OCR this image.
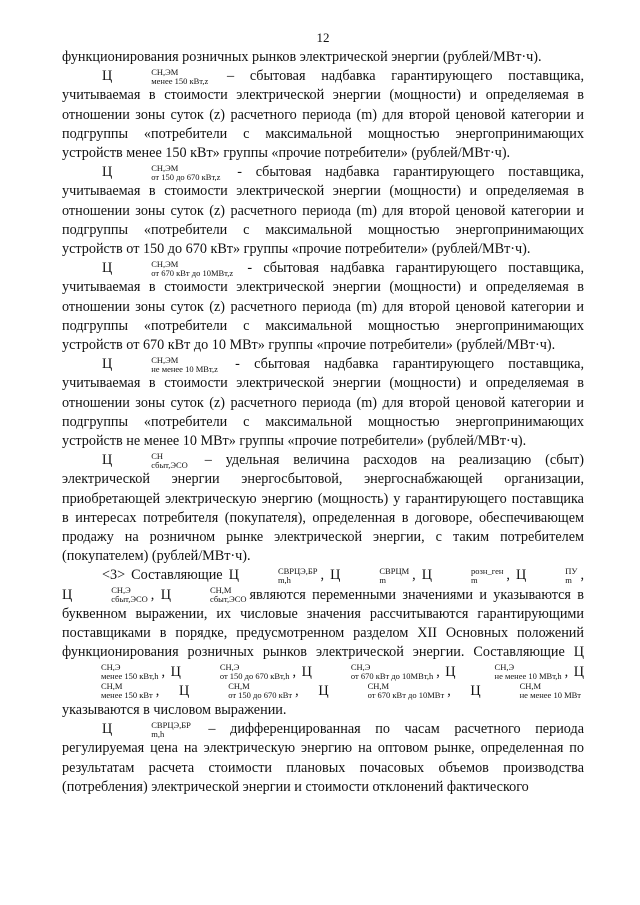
12

функционирования розничных рынков электрической энергии (рублей/МВт·ч).

Ц	СН,ЭМ
менее 150 кВт,z – сбытовая надбавка гарантирующего поставщика, учитываемая в стоимости электрической энергии (мощности) и определяемая в отношении зоны суток (z) расчетного периода (m) для второй ценовой категории и подгруппы «потребители с максимальной мощностью энергопринимающих устройств менее 150 кВт» группы «прочие потребители» (рублей/МВт·ч).

Ц	СН,ЭМ
от 150 до 670 кВт,z - сбытовая надбавка гарантирующего поставщика, учитываемая в стоимости электрической энергии (мощности) и определяемая в отношении зоны суток (z) расчетного периода (m) для второй ценовой категории и подгруппы «потребители с максимальной мощностью энергопринимающих устройств от 150 до 670 кВт» группы «прочие потребители» (рублей/МВт·ч).

Ц	СН,ЭМ
от 670 кВт до 10МВт,z - сбытовая надбавка гарантирующего поставщика, учитываемая в стоимости электрической энергии (мощности) и определяемая в отношении зоны суток (z) расчетного периода (m) для второй ценовой категории и подгруппы «потребители с максимальной мощностью энергопринимающих устройств от 670 кВт до 10 МВт» группы «прочие потребители» (рублей/МВт·ч).

Ц	СН,ЭМ
не менее 10 МВт,z - сбытовая надбавка гарантирующего поставщика, учитываемая в стоимости электрической энергии (мощности) и определяемая в отношении зоны суток (z) расчетного периода (m) для второй ценовой категории и подгруппы «потребители с максимальной мощностью энергопринимающих устройств не менее 10 МВт» группы «прочие потребители» (рублей/МВт·ч).

Ц	СН
сбыт,ЭСО – удельная величина расходов на реализацию (сбыт) электрической энергии энергосбытовой, энергоснабжающей организации, приобретающей электрическую энергию (мощность) у гарантирующего поставщика в интересах потребителя (покупателя), определенная в договоре, обеспечивающем продажу на розничном рынке электрической энергии, с таким потребителем (покупателем) (рублей/МВт·ч).

<3> Составляющие Ц	СВРЦЭ,БР
m,h	, Ц	СВРЦМ
m	, Ц	розн_ген
m	, Ц	ПУ
m , Ц	СН,Э
сбыт,ЭСО , Ц	СН,М
сбыт,ЭСО являются переменными значениями и указываются в буквенном выражении, их числовые значения рассчитываются гарантирующими поставщиками в порядке, предусмотренном разделом XII Основных положений функционирования розничных рынков электрической энергии. Составляющие Ц
СН,Э
менее 150 кВт,h , Ц	СН,Э
от 150 до 670 кВт,h , Ц	СН,Э
от 670 кВт до 10МВт,h , Ц	СН,Э
не менее 10 МВт,h , Ц
СН,М
менее 150 кВт , Ц	СН,М
от 150 до 670 кВт , Ц	СН,М
от 670 кВт до 10МВт , Ц	СН,М
не менее 10 МВт
указываются в числовом выражении.

Ц	СВРЦЭ,БР
m,h	– дифференцированная по часам расчетного периода регулируемая цена на электрическую энергию на оптовом рынке, определенная по результатам расчета стоимости плановых почасовых объемов производства (потребления) электрической энергии и стоимости отклонений фактического
